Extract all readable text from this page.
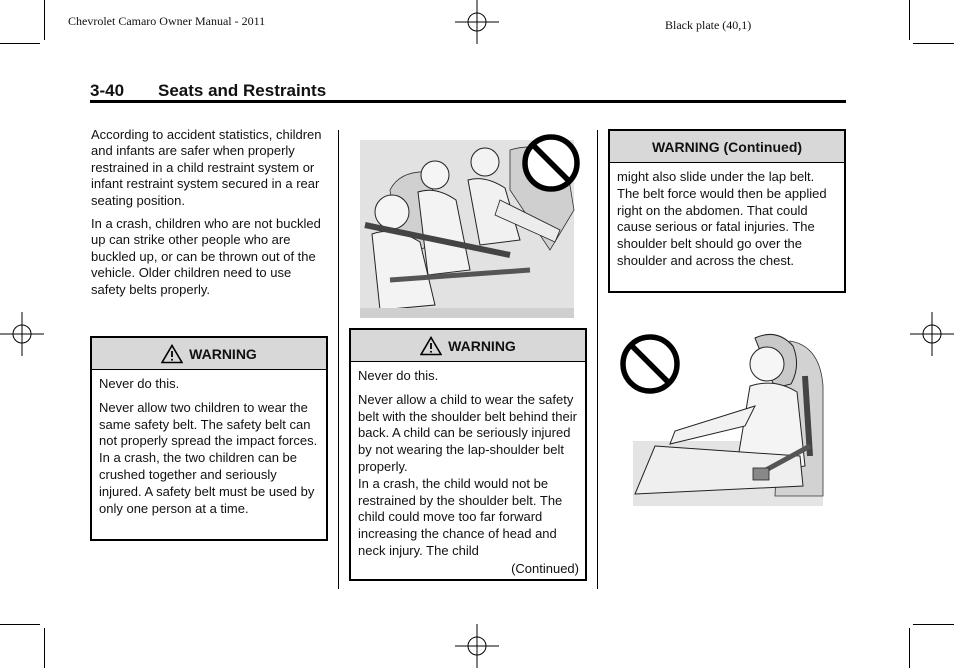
Chevrolet Camaro Owner Manual - 2011	Black plate (40,1)
3-40 Seats and Restraints

According to accident statistics, children and infants are safer when properly restrained in a child restraint system or infant restraint system secured in a rear seating position.

In a crash, children who are not buckled up can strike other people who are buckled up, or can be thrown out of the vehicle. Older children need to use safety belts properly.

WARNING

Never do this.

Never allow two children to wear the same safety belt. The safety belt can not properly spread the impact forces. In a crash, the two children can be crushed together and seriously injured. A safety belt must be used by only one person at a time.

WARNING

Never do this.

Never allow a child to wear the safety belt with the shoulder belt behind their back. A child can be seriously injured by not wearing the lap-shoulder belt properly.

In a crash, the child would not be restrained by the shoulder belt. The child could move too far forward increasing the chance of head and neck injury. The child

(Continued)
WARNING (Continued)

might also slide under the lap belt. The belt force would then be applied right on the abdomen. That could cause serious or fatal injuries. The shoulder belt should go over the shoulder and across the chest.
